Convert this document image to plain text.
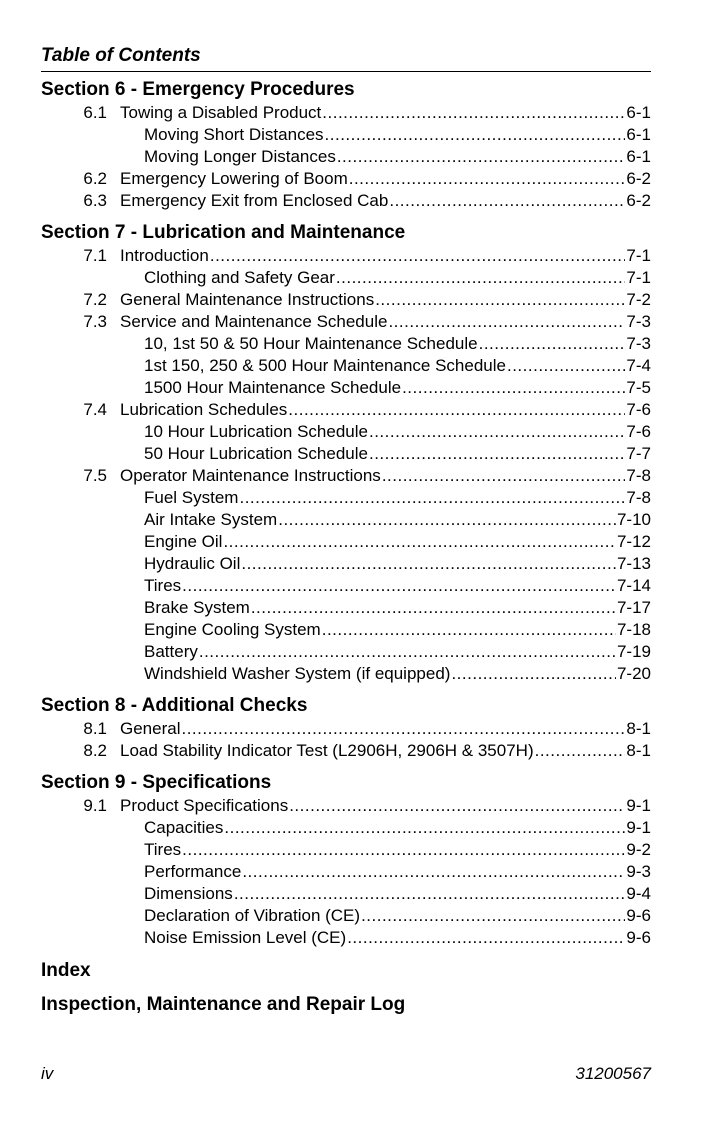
Table of Contents
Section 6 - Emergency Procedures
6.1 Towing a Disabled Product .....	6-1
Moving Short Distances .....	6-1
Moving Longer Distances .....	6-1
6.2 Emergency Lowering of Boom .....	6-2
6.3 Emergency Exit from Enclosed Cab .....	6-2
Section 7 - Lubrication and Maintenance
7.1 Introduction .....	7-1
Clothing and Safety Gear .....	7-1
7.2 General Maintenance Instructions .....	7-2
7.3 Service and Maintenance Schedule .....	7-3
10, 1st 50 & 50 Hour Maintenance Schedule .....	7-3
1st 150, 250 & 500 Hour Maintenance Schedule .....	7-4
1500 Hour Maintenance Schedule .....	7-5
7.4 Lubrication Schedules .....	7-6
10 Hour Lubrication Schedule .....	7-6
50 Hour Lubrication Schedule .....	7-7
7.5 Operator Maintenance Instructions .....	7-8
Fuel System .....	7-8
Air Intake System .....	7-10
Engine Oil .....	7-12
Hydraulic Oil .....	7-13
Tires .....	7-14
Brake System .....	7-17
Engine Cooling System .....	7-18
Battery .....	7-19
Windshield Washer System (if equipped) .....	7-20
Section 8 - Additional Checks
8.1 General .....	8-1
8.2 Load Stability Indicator Test (L2906H, 2906H & 3507H) .....	8-1
Section 9 - Specifications
9.1 Product Specifications .....	9-1
Capacities .....	9-1
Tires .....	9-2
Performance .....	9-3
Dimensions .....	9-4
Declaration of Vibration (CE) .....	9-6
Noise Emission Level (CE) .....	9-6
Index
Inspection, Maintenance and Repair Log
iv	31200567
